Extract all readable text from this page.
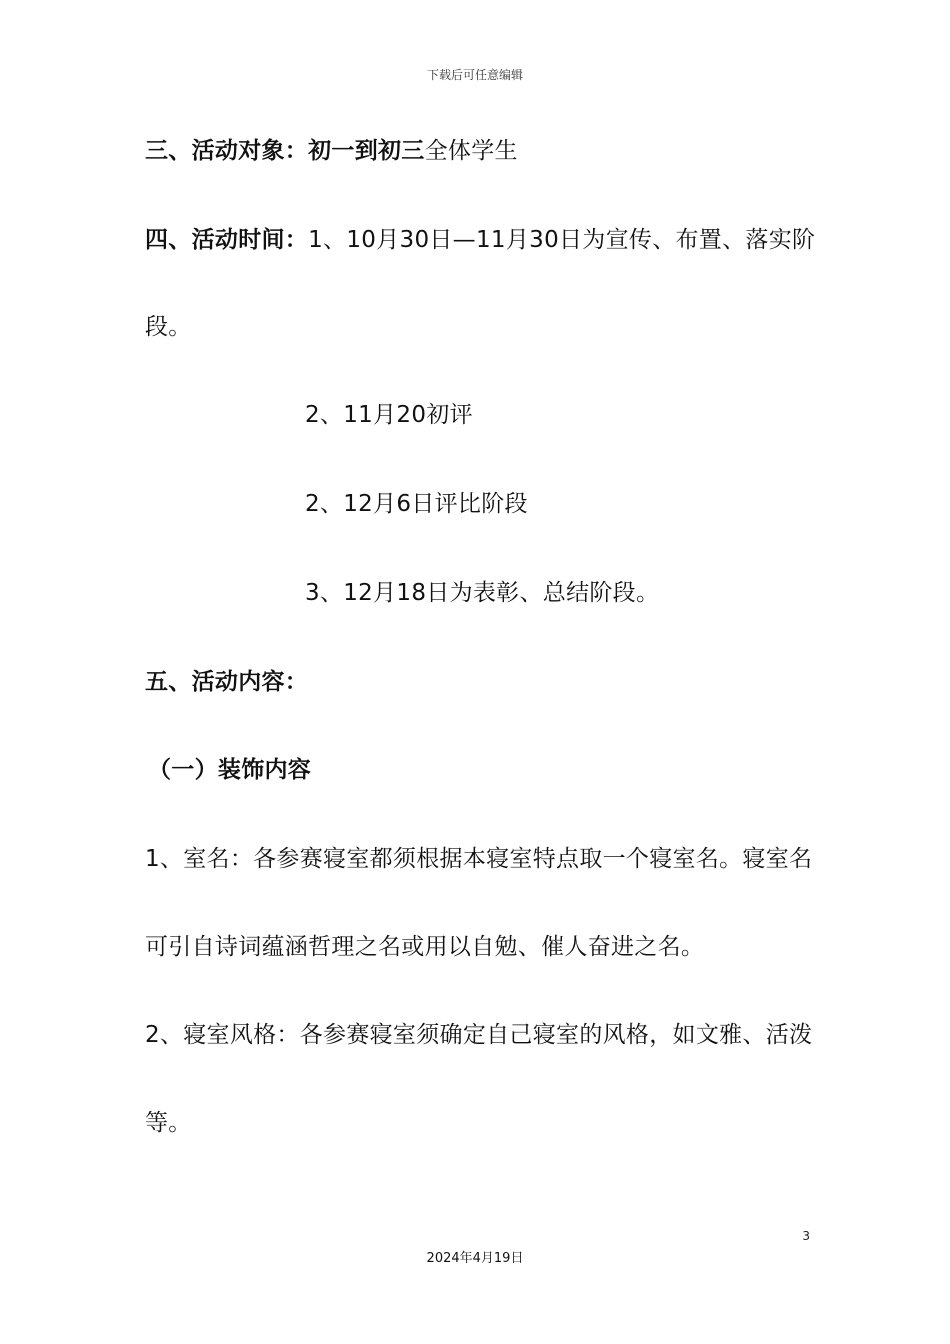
下载后可任意编辑
三、活动对象：初一到初三全体学生
四、活动时间：1、10月30日—11月30日为宣传、布置、落实阶
段。
2、11月20初评
2、12月6日评比阶段
3、12月18日为表彰、总结阶段。
五、活动内容：
（一）装饰内容
1、室名：各参赛寝室都须根据本寝室特点取一个寝室名。寝室名
可引自诗词蕴涵哲理之名或用以自勉、催人奋进之名。
2、寝室风格：各参赛寝室须确定自己寝室的风格，如文雅、活泼
等。
3
2024年4月19日
